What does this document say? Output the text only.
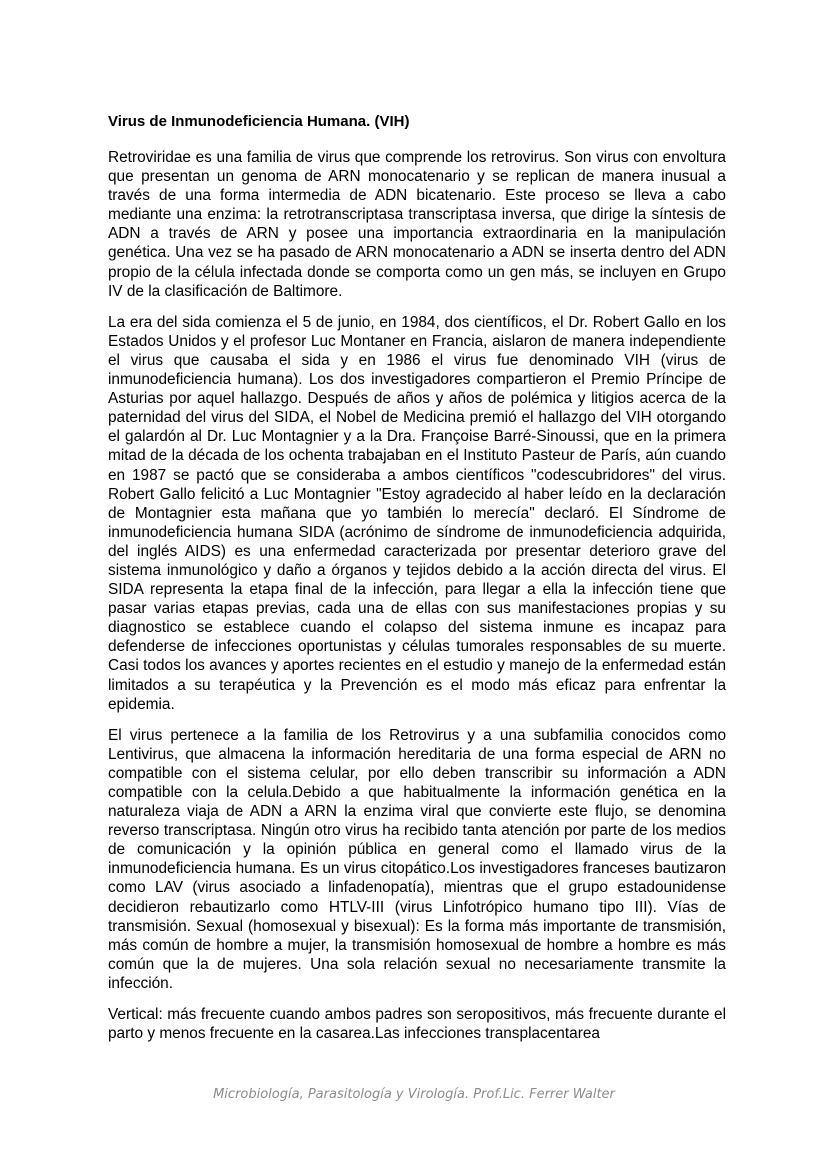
Virus de Inmunodeficiencia Humana. (VIH)

Retroviridae es una familia de virus que comprende los retrovirus. Son virus con envoltura que presentan un genoma de ARN monocatenario y se replican de manera inusual a través de una forma intermedia de ADN bicatenario. Este proceso se lleva a cabo mediante una enzima: la retrotranscriptasa transcriptasa inversa, que dirige la síntesis de ADN a través de ARN y posee una importancia extraordinaria en la manipulación genética. Una vez se ha pasado de ARN monocatenario a ADN se inserta dentro del ADN propio de la célula infectada donde se comporta como un gen más, se incluyen en Grupo IV de la clasificación de Baltimore.

La era del sida comienza el 5 de junio, en 1984, dos científicos, el Dr. Robert Gallo en los Estados Unidos y el profesor Luc Montaner en Francia, aislaron de manera independiente el virus que causaba el sida y en 1986 el virus fue denominado VIH (virus de inmunodeficiencia humana). Los dos investigadores compartieron el Premio Príncipe de Asturias por aquel hallazgo. Después de años y años de polémica y litigios acerca de la paternidad del virus del SIDA, el Nobel de Medicina premió el hallazgo del VIH otorgando el galardón al Dr. Luc Montagnier y a la Dra. Françoise Barré-Sinoussi, que en la primera mitad de la década de los ochenta trabajaban en el Instituto Pasteur de París, aún cuando en 1987 se pactó que se consideraba a ambos científicos "codescubridores" del virus. Robert Gallo felicitó a Luc Montagnier "Estoy agradecido al haber leído en la declaración de Montagnier esta mañana que yo también lo merecía" declaró. El Síndrome de inmunodeficiencia humana SIDA (acrónimo de síndrome de inmunodeficiencia adquirida, del inglés AIDS) es una enfermedad caracterizada por presentar deterioro grave del sistema inmunológico y daño a órganos y tejidos debido a la acción directa del virus. El SIDA representa la etapa final de la infección, para llegar a ella la infección tiene que pasar varias etapas previas, cada una de ellas con sus manifestaciones propias y su diagnostico se establece cuando el colapso del sistema inmune es incapaz para defenderse de infecciones oportunistas y células tumorales responsables de su muerte. Casi todos los avances y aportes recientes en el estudio y manejo de la enfermedad están limitados a su terapéutica y la Prevención es el modo más eficaz para enfrentar la epidemia.

El virus pertenece a la familia de los Retrovirus y a una subfamilia conocidos como Lentivirus, que almacena la información hereditaria de una forma especial de ARN no compatible con el sistema celular, por ello deben transcribir su información a ADN compatible con la celula.Debido a que habitualmente la información genética en la naturaleza viaja de ADN a ARN la enzima viral que convierte este flujo, se denomina reverso transcriptasa. Ningún otro virus ha recibido tanta atención por parte de los medios de comunicación y la opinión pública en general como el llamado virus de la inmunodeficiencia humana. Es un virus citopático.Los investigadores franceses bautizaron como LAV (virus asociado a linfadenopatía), mientras que el grupo estadounidense decidieron rebautizarlo como HTLV-III (virus Linfotrópico humano tipo III). Vías de transmisión. Sexual (homosexual y bisexual): Es la forma más importante de transmisión, más común de hombre a mujer, la transmisión homosexual de hombre a hombre es más común que la de mujeres. Una sola relación sexual no necesariamente transmite la infección.

Vertical: más frecuente cuando ambos padres son seropositivos, más frecuente durante el parto y menos frecuente en la casarea.Las infecciones transplacentarea

Microbiología, Parasitología y Virología. Prof.Lic. Ferrer Walter
